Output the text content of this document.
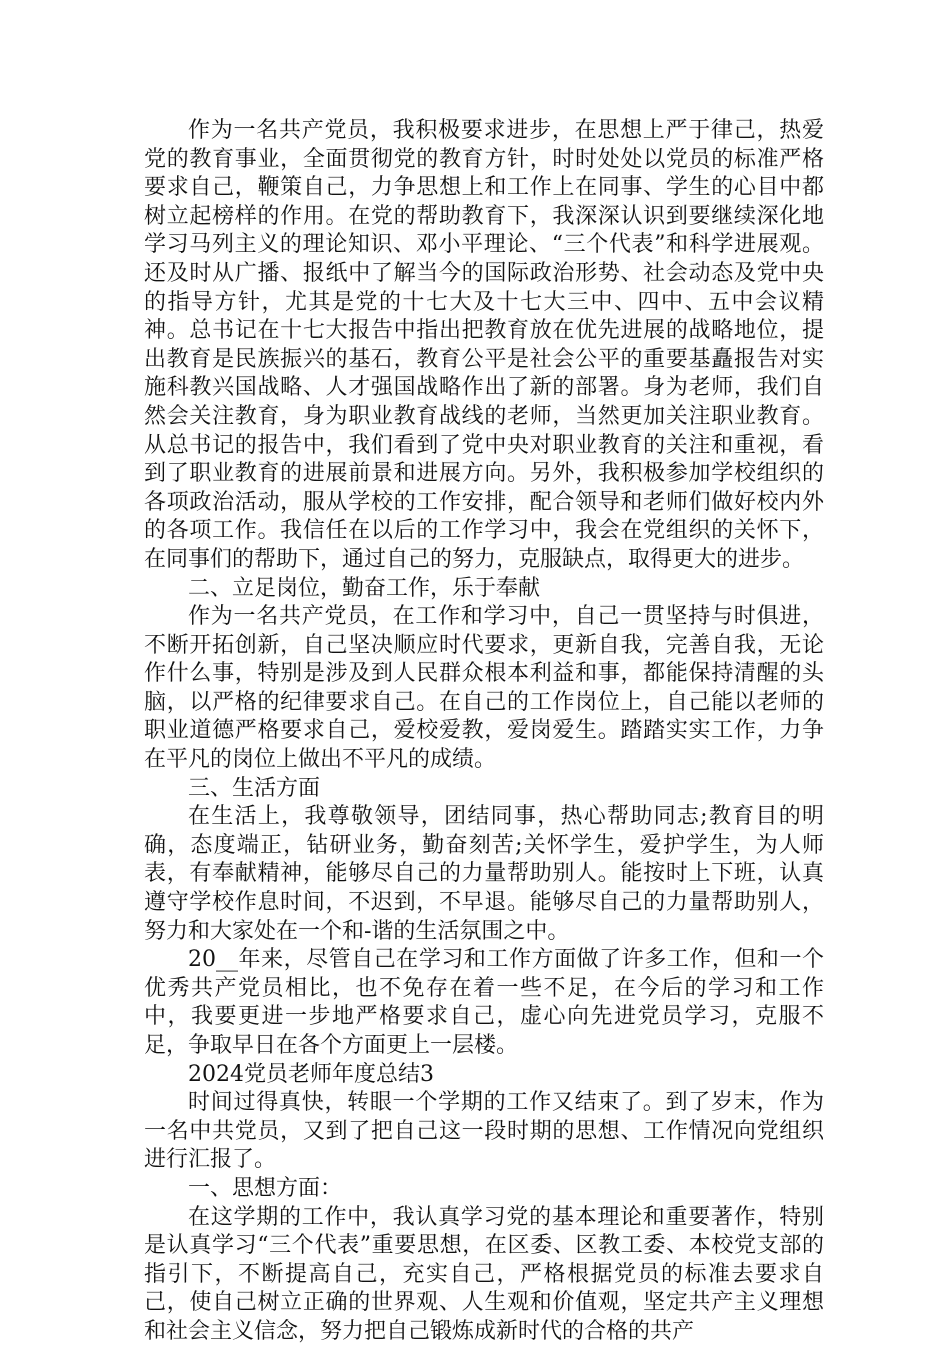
作为一名共产党员，我积极要求进步，在思想上严于律己，热爱党的教育事业，全面贯彻党的教育方针，时时处处以党员的标准严格要求自己，鞭策自己，力争思想上和工作上在同事、学生的心目中都树立起榜样的作用。在党的帮助教育下，我深深认识到要继续深化地学习马列主义的理论知识、邓小平理论、“三个代表”和科学进展观。还及时从广播、报纸中了解当今的国际政治形势、社会动态及党中央的指导方针，尤其是党的十七大及十七大三中、四中、五中会议精神。总书记在十七大报告中指出把教育放在优先进展的战略地位，提出教育是民族振兴的基石，教育公平是社会公平的重要基矗报告对实施科教兴国战略、人才强国战略作出了新的部署。身为老师，我们自然会关注教育，身为职业教育战线的老师，当然更加关注职业教育。从总书记的报告中，我们看到了党中央对职业教育的关注和重视，看到了职业教育的进展前景和进展方向。另外，我积极参加学校组织的各项政治活动，服从学校的工作安排，配合领导和老师们做好校内外的各项工作。我信任在以后的工作学习中，我会在党组织的关怀下，在同事们的帮助下，通过自己的努力，克服缺点，取得更大的进步。

二、立足岗位，勤奋工作，乐于奉献

作为一名共产党员，在工作和学习中，自己一贯坚持与时俱进，不断开拓创新，自己坚决顺应时代要求，更新自我，完善自我，无论作什么事，特别是涉及到人民群众根本利益和事，都能保持清醒的头脑，以严格的纪律要求自己。在自己的工作岗位上，自己能以老师的职业道德严格要求自己，爱校爱教，爱岗爱生。踏踏实实工作，力争在平凡的岗位上做出不平凡的成绩。

三、生活方面

在生活上，我尊敬领导，团结同事，热心帮助同志;教育目的明确，态度端正，钻研业务，勤奋刻苦;关怀学生，爱护学生，为人师表，有奉献精神，能够尽自己的力量帮助别人。能按时上下班，认真遵守学校作息时间，不迟到，不早退。能够尽自己的力量帮助别人，努力和大家处在一个和-谐的生活氛围之中。

20__年来，尽管自己在学习和工作方面做了许多工作，但和一个优秀共产党员相比，也不免存在着一些不足，在今后的学习和工作中，我要更进一步地严格要求自己，虚心向先进党员学习，克服不足，争取早日在各个方面更上一层楼。

2024党员老师年度总结3

时间过得真快，转眼一个学期的工作又结束了。到了岁末，作为一名中共党员，又到了把自己这一段时期的思想、工作情况向党组织进行汇报了。

一、思想方面：

在这学期的工作中，我认真学习党的基本理论和重要著作，特别是认真学习“三个代表”重要思想，在区委、区教工委、本校党支部的指引下，不断提高自己，充实自己，严格根据党员的标准去要求自己，使自己树立正确的世界观、人生观和价值观，坚定共产主义理想和社会主义信念，努力把自己锻炼成新时代的合格的共产
